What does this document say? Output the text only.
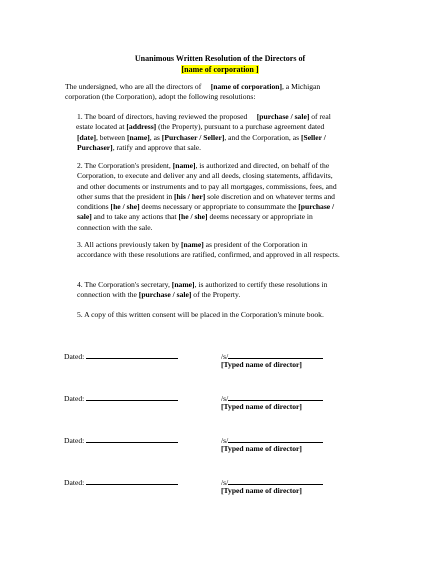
Unanimous Written Resolution of the Directors of
[name of corporation ]
The undersigned, who are all the directors of [name of corporation], a Michigan
corporation (the Corporation), adopt the following resolutions:
1. The board of directors, having reviewed the proposed [purchase / sale] of real
estate located at [address] (the Property), pursuant to a purchase agreement dated
[date], between [name], as [Purchaser / Seller], and the Corporation, as [Seller /
Purchaser], ratify and approve that sale.
2. The Corporation's president, [name], is authorized and directed, on behalf of the
Corporation, to execute and deliver any and all deeds, closing statements, affidavits,
and other documents or instruments and to pay all mortgages, commissions, fees, and
other sums that the president in [his / her] sole discretion and on whatever terms and
conditions [he / she] deems necessary or appropriate to consummate the [purchase /
sale] and to take any actions that [he / she] deems necessary or appropriate in
connection with the sale.
3. All actions previously taken by [name] as president of the Corporation in
accordance with these resolutions are ratified, confirmed, and approved in all respects.
4. The Corporation's secretary, [name], is authorized to certify these resolutions in
connection with the [purchase / sale] of the Property.
5. A copy of this written consent will be placed in the Corporation's minute book.
Dated:	/s/
[Typed name of director]
Dated:	/s/
[Typed name of director]
Dated:	/s/
[Typed name of director]
Dated:	/s/
[Typed name of director]
